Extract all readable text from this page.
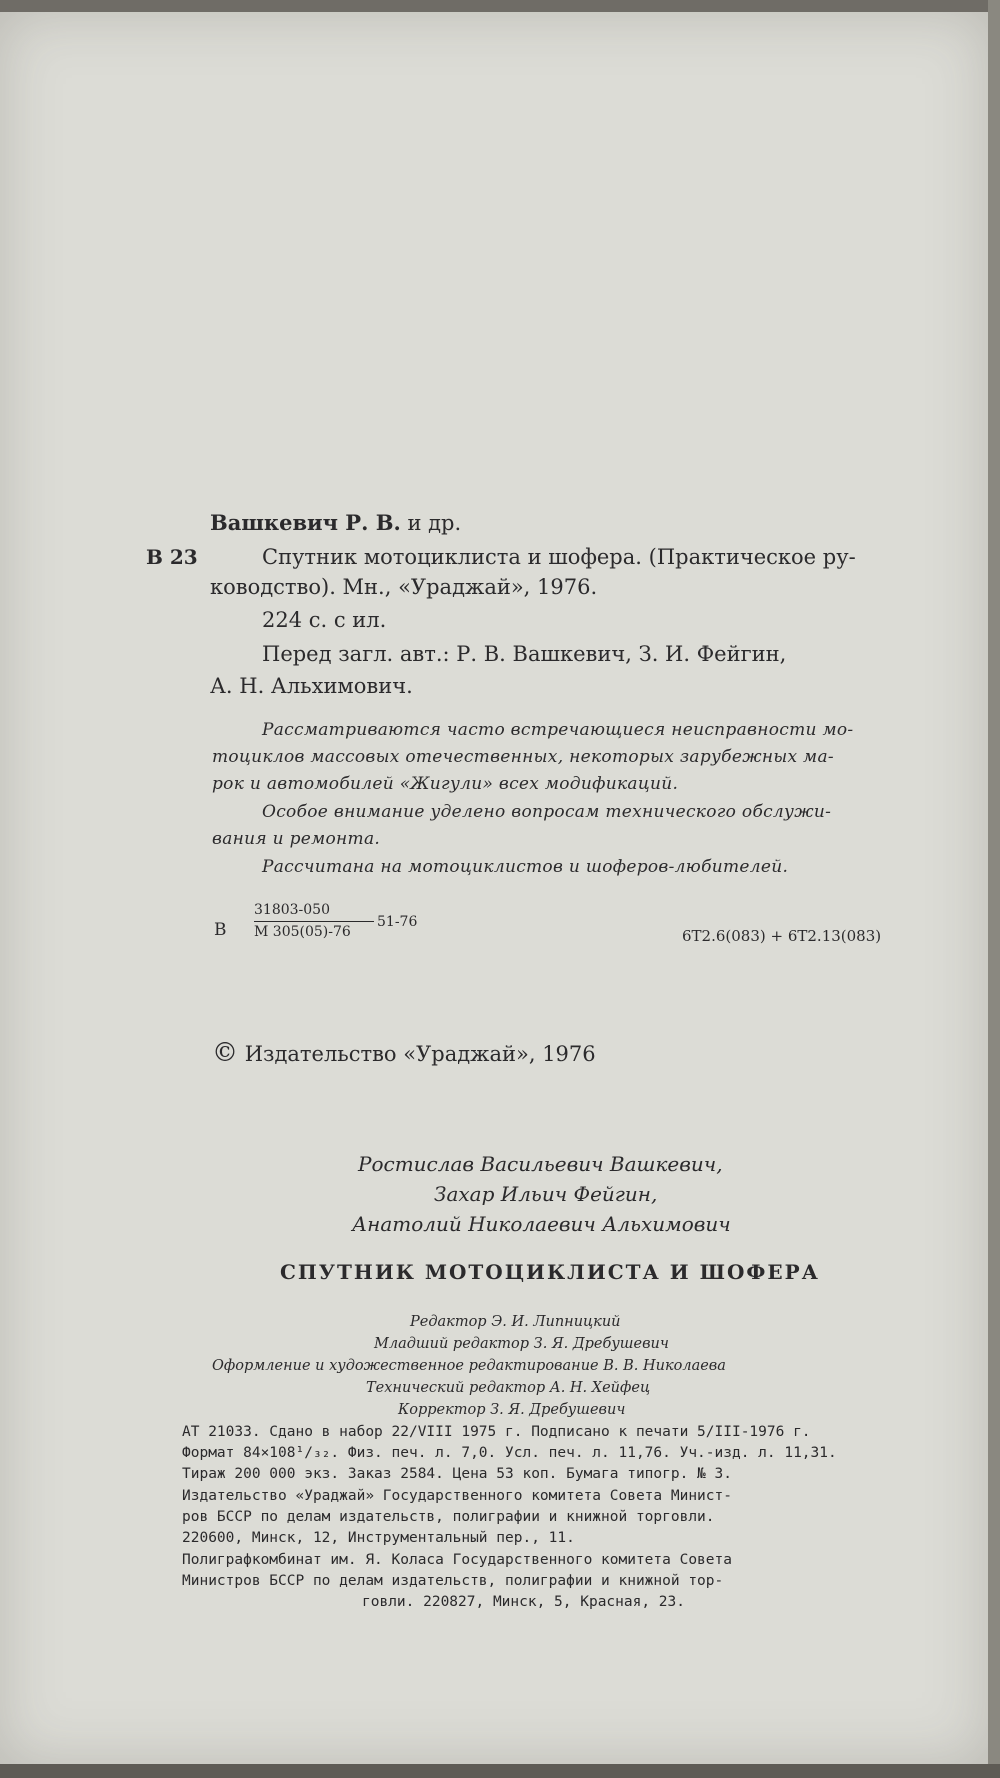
Вашкевич Р. В. и др.
В 23	Спутник мотоциклиста и шофера. (Практическое ру-
ководство). Мн., «Ураджай», 1976.
224 с. с ил.
Перед загл. авт.: Р. В. Вашкевич, З. И. Фейгин,
А. Н. Альхимович.
Рассматриваются часто встречающиеся неисправности мо-
тоциклов массовых отечественных, некоторых зарубежных ма-
рок и автомобилей «Жигули» всех модификаций.
Особое внимание уделено вопросам технического обслужи-
вания и ремонта.
Рассчитана на мотоциклистов и шоферов-любителей.
В
31803-050
М 305(05)-76
51-76
6Т2.6(083) + 6Т2.13(083)
© Издательство «Ураджай», 1976
Ростислав Васильевич Вашкевич,
Захар Ильич Фейгин,
Анатолий Николаевич Альхимович
СПУТНИК МОТОЦИКЛИСТА И ШОФЕРА
Редактор Э. И. Липницкий
Младший редактор З. Я. Дребушевич
Оформление и художественное редактирование В. В. Николаева
Технический редактор А. Н. Хейфец
Корректор З. Я. Дребушевич
АТ 21033. Сдано в набор 22/VIII 1975 г. Подписано к печати 5/III-1976 г.
Формат 84×108¹/₃₂. Физ. печ. л. 7,0. Усл. печ. л. 11,76. Уч.-изд. л. 11,31.
Тираж 200 000 экз. Заказ 2584. Цена 53 коп. Бумага типогр. № 3.
Издательство «Ураджай» Государственного комитета Совета Минист-
ров БССР по делам издательств, полиграфии и книжной торговли.
220600, Минск, 12, Инструментальный пер., 11.
Полиграфкомбинат им. Я. Коласа Государственного комитета Совета
Министров БССР по делам издательств, полиграфии и книжной тор-
говли. 220827, Минск, 5, Красная, 23.
